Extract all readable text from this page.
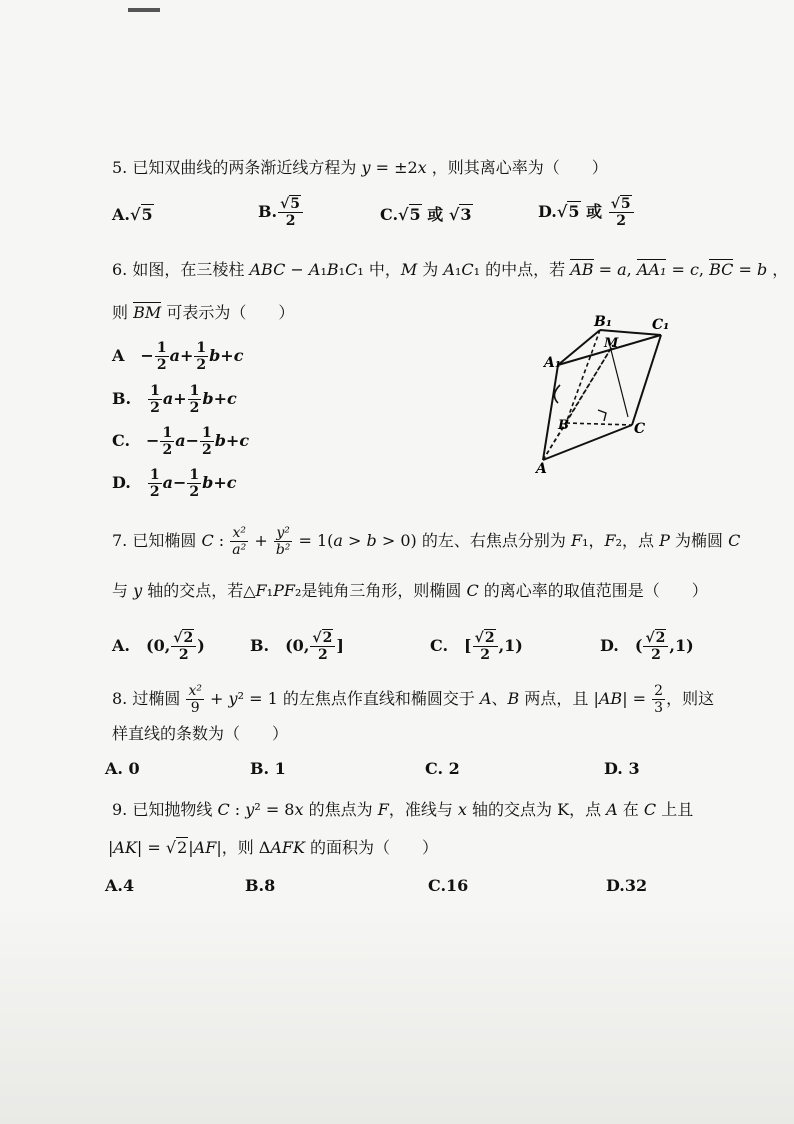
5. 已知双曲线的两条渐近线方程为 y = ±2x ，则其离心率为（　　）
A.√5	B. $\frac{√5}{2}$	C.√5 或 √3	D.√5 或 $\frac{√5}{2}$
6. 如图，在三棱柱 ABC − A₁B₁C₁ 中，M 为 A₁C₁ 的中点，若 AB = a, AA₁ = c, BC = b ，
则 BM 可表示为（　　）
A　− $\frac{1}{2} a+ \frac{1}{2} b+c$
B.　 $\frac{1}{2} a+ \frac{1}{2} b+c$
C.　− $\frac{1}{2} a- \frac{1}{2} b+c$
D.　 $\frac{1}{2} a- \frac{1}{2} b+c$
B₁	C₁
M
A₁
B	C
A
7. 已知椭圆 C : $\frac{\text{x²}}{\text{a²}} + \frac{\text{y²}}{\text{b²}} = 1(a > b > 0)$ 的左、右焦点分别为 F₁，F₂，点 P 为椭圆 C
与 y 轴的交点，若△F₁PF₂是钝角三角形，则椭圆 C 的离心率的取值范围是（　　）
A.　(0, $\frac{√2}{2}$ )	B.　(0, $\frac{√2}{2}$ ]	C.　[ $\frac{√2}{2} ,1$)	D.　( $\frac{√2}{2} ,1$)
8. 过椭圆 $\frac{\text{x²}}{9} + y^2 = 1$ 的左焦点作直线和椭圆交于 A、B 两点，且 $|AB| = \frac{2}{3}$ ，则这
样直线的条数为（　　）
A. 0	B. 1	C. 2	D. 3
9. 已知抛物线 C : y² = 8x 的焦点为 F，准线与 x 轴的交点为 K，点 A 在 C 上且
|AK| = √2|AF|，则 ΔAFK 的面积为（　　）
A.4	B.8	C.16	D.32
